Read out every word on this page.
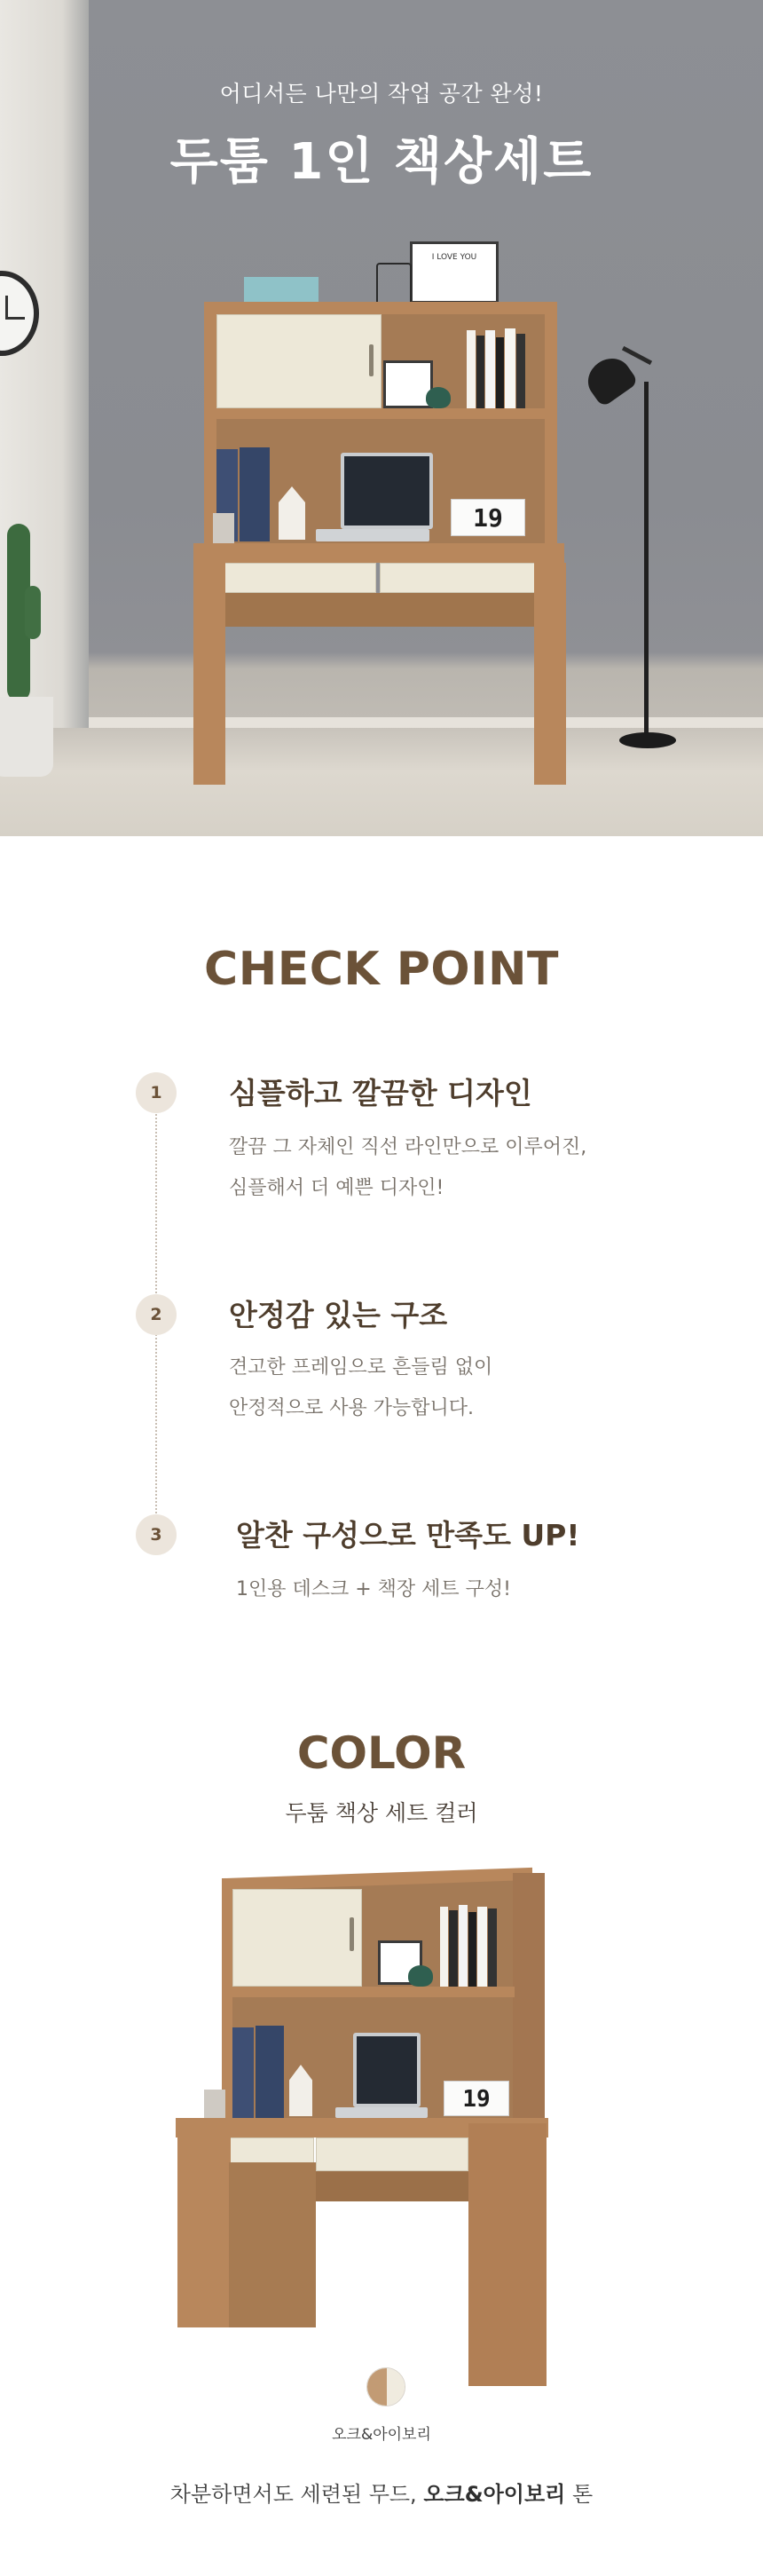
어디서든 나만의 작업 공간 완성!
두툼 1인 책상세트
I LOVE YOU
19
CHECK POINT
1	심플하고 깔끔한 디자인
깔끔 그 자체인 직선 라인만으로 이루어진,
심플해서 더 예쁜 디자인!
2	안정감 있는 구조
견고한 프레임으로 흔들림 없이
안정적으로 사용 가능합니다.
3	알찬 구성으로 만족도 UP!
1인용 데스크 + 책장 세트 구성!
COLOR
두툼 책상 세트 컬러
19
오크&아이보리
차분하면서도 세련된 무드, 오크&아이보리 톤
